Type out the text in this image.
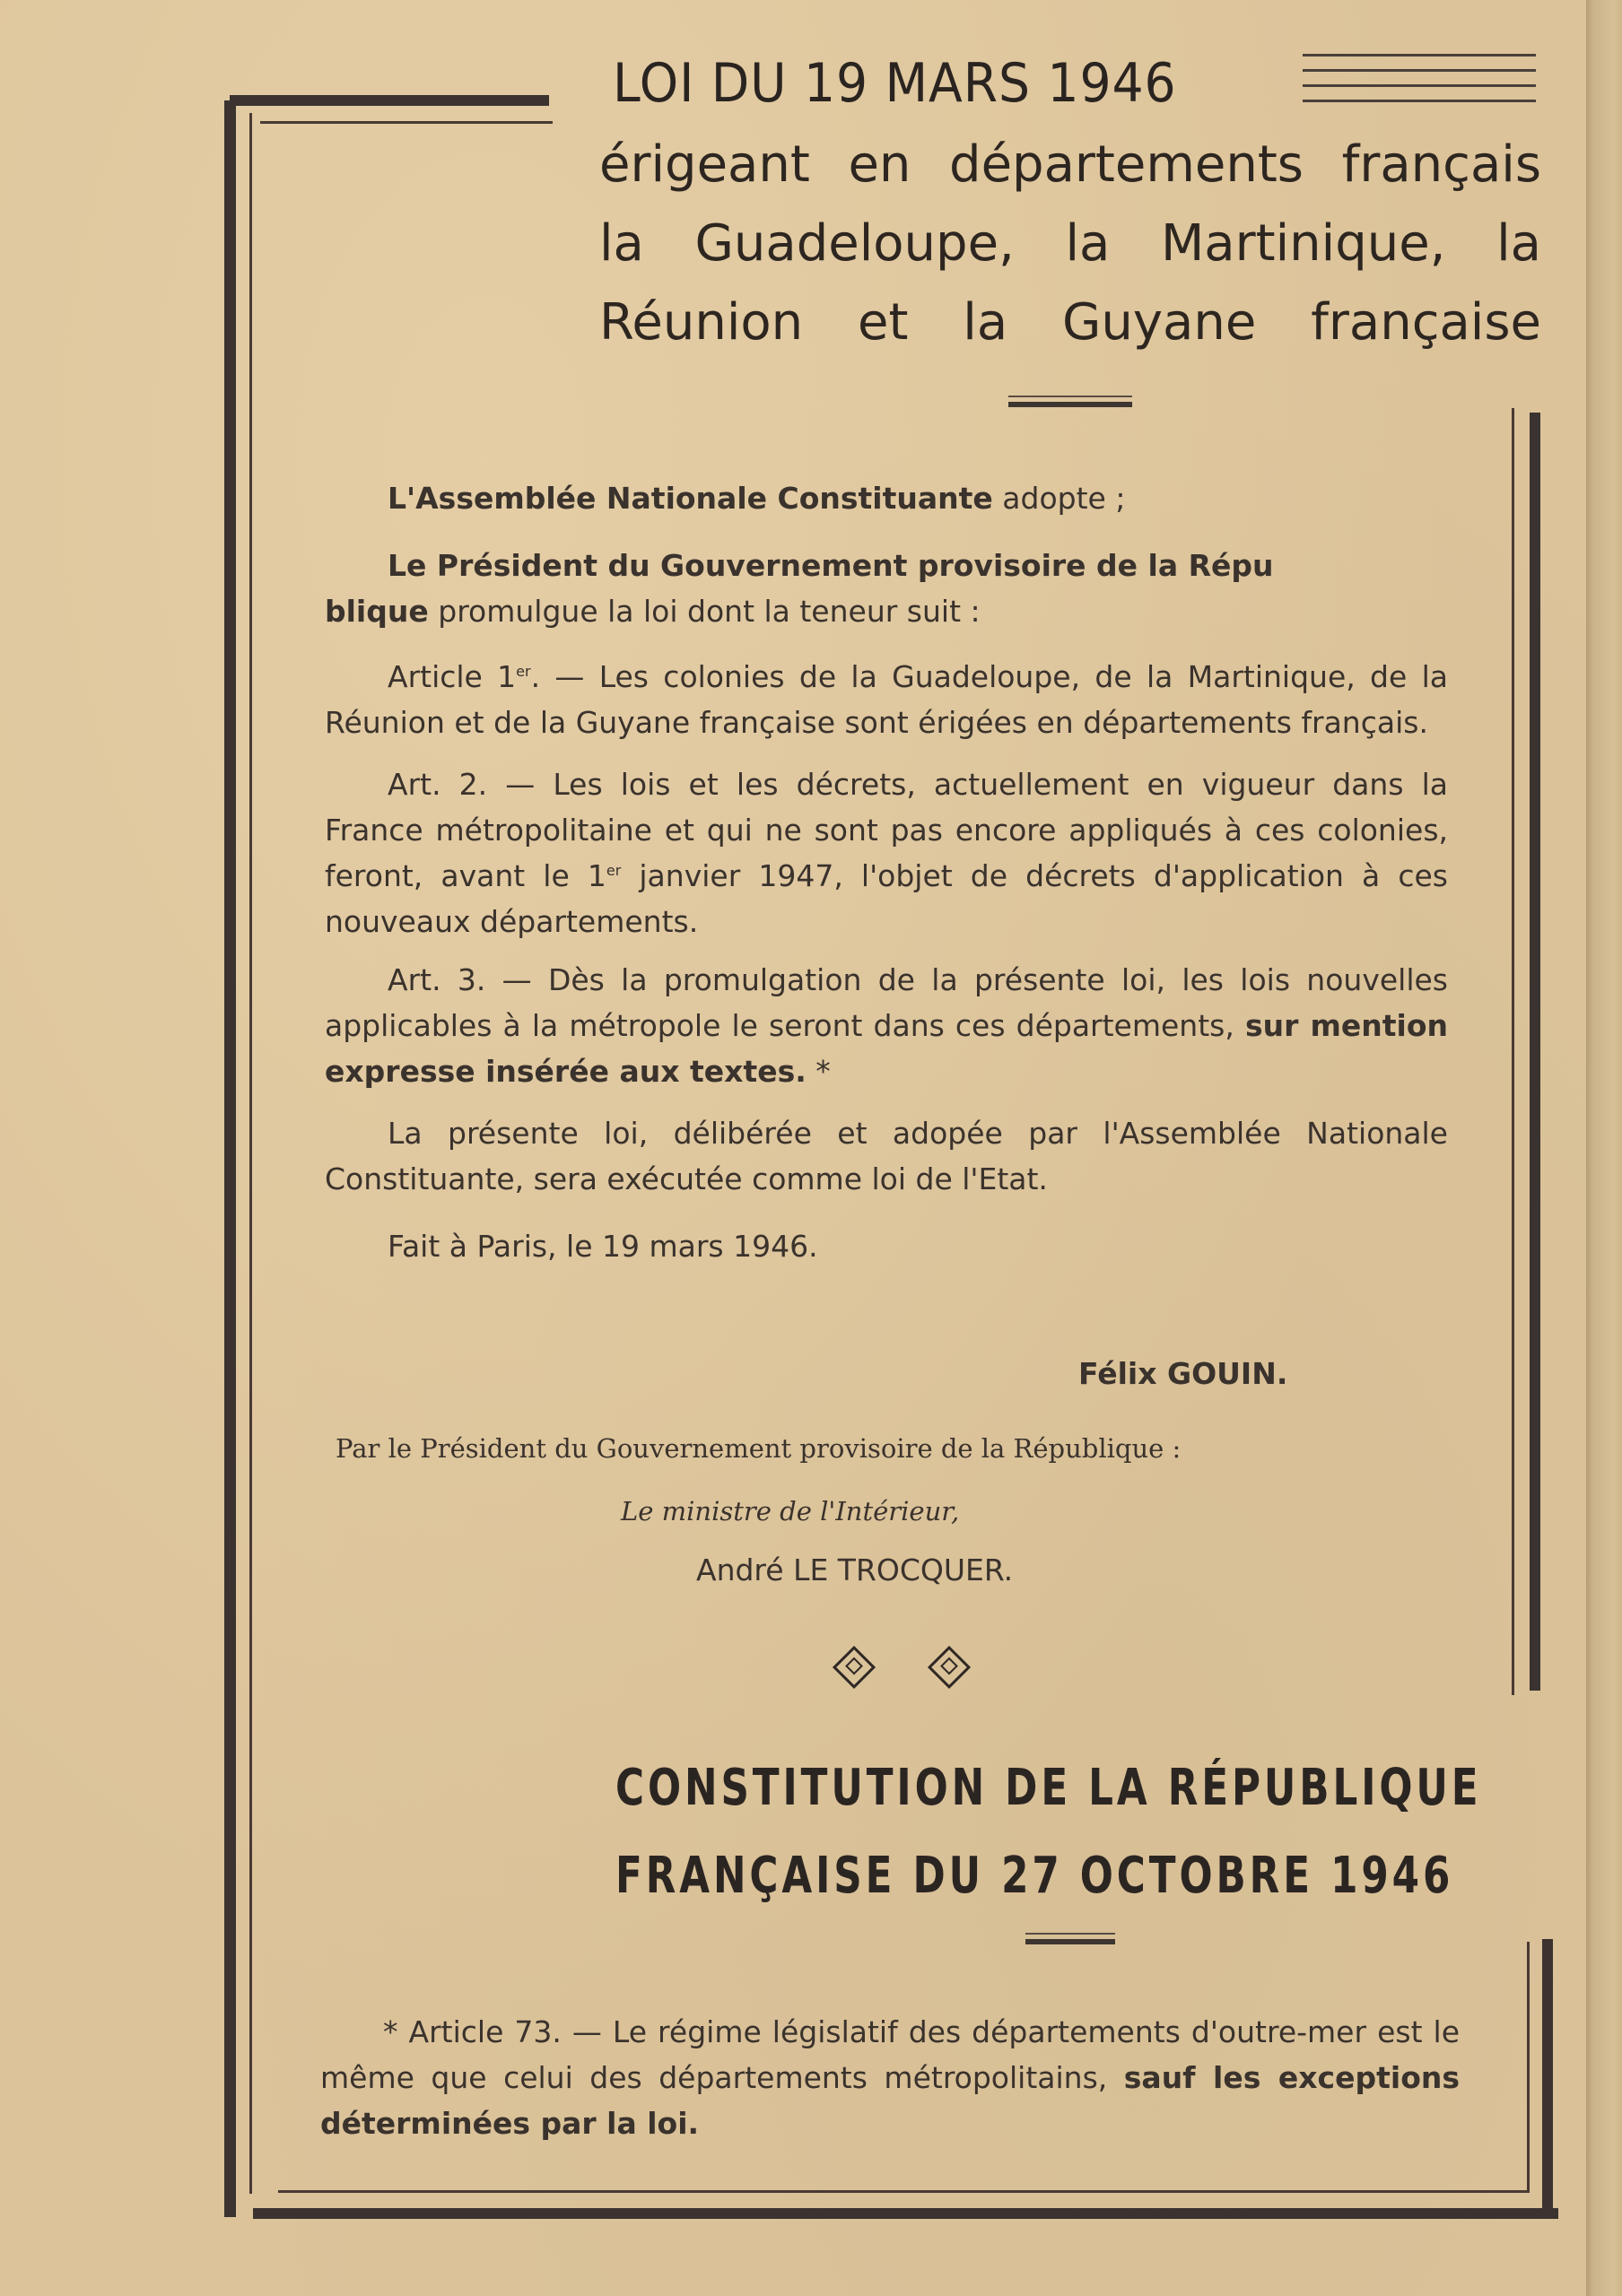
LOI DU 19 MARS 1946
érigeant en départements français
la Guadeloupe, la Martinique, la
Réunion et la Guyane française

L'Assemblée Nationale Constituante adopte ;

Le Président du Gouvernement provisoire de la Répu
blique promulgue la loi dont la teneur suit :

Article 1er. — Les colonies de la Guadeloupe, de la Martinique, de la Réunion et de la Guyane française sont érigées en départements français.

Art. 2. — Les lois et les décrets, actuellement en vigueur dans la France métropolitaine et qui ne sont pas encore appliqués à ces colonies, feront, avant le 1er janvier 1947, l'objet de décrets d'application à ces nouveaux départements.

Art. 3. — Dès la promulgation de la présente loi, les lois nouvelles applicables à la métropole le seront dans ces départements, sur mention expresse insérée aux textes. *

La présente loi, délibérée et adopée par l'Assemblée Nationale Constituante, sera exécutée comme loi de l'Etat.

Fait à Paris, le 19 mars 1946.

Félix GOUIN.
Par le Président du Gouvernement provisoire de la République :
Le ministre de l'Intérieur,
André LE TROCQUER.
CONSTITUTION DE LA RÉPUBLIQUE
FRANÇAISE DU 27 OCTOBRE 1946
* Article 73. — Le régime législatif des départements d'outre-mer est le même que celui des départements métropolitains, sauf les exceptions déterminées par la loi.
